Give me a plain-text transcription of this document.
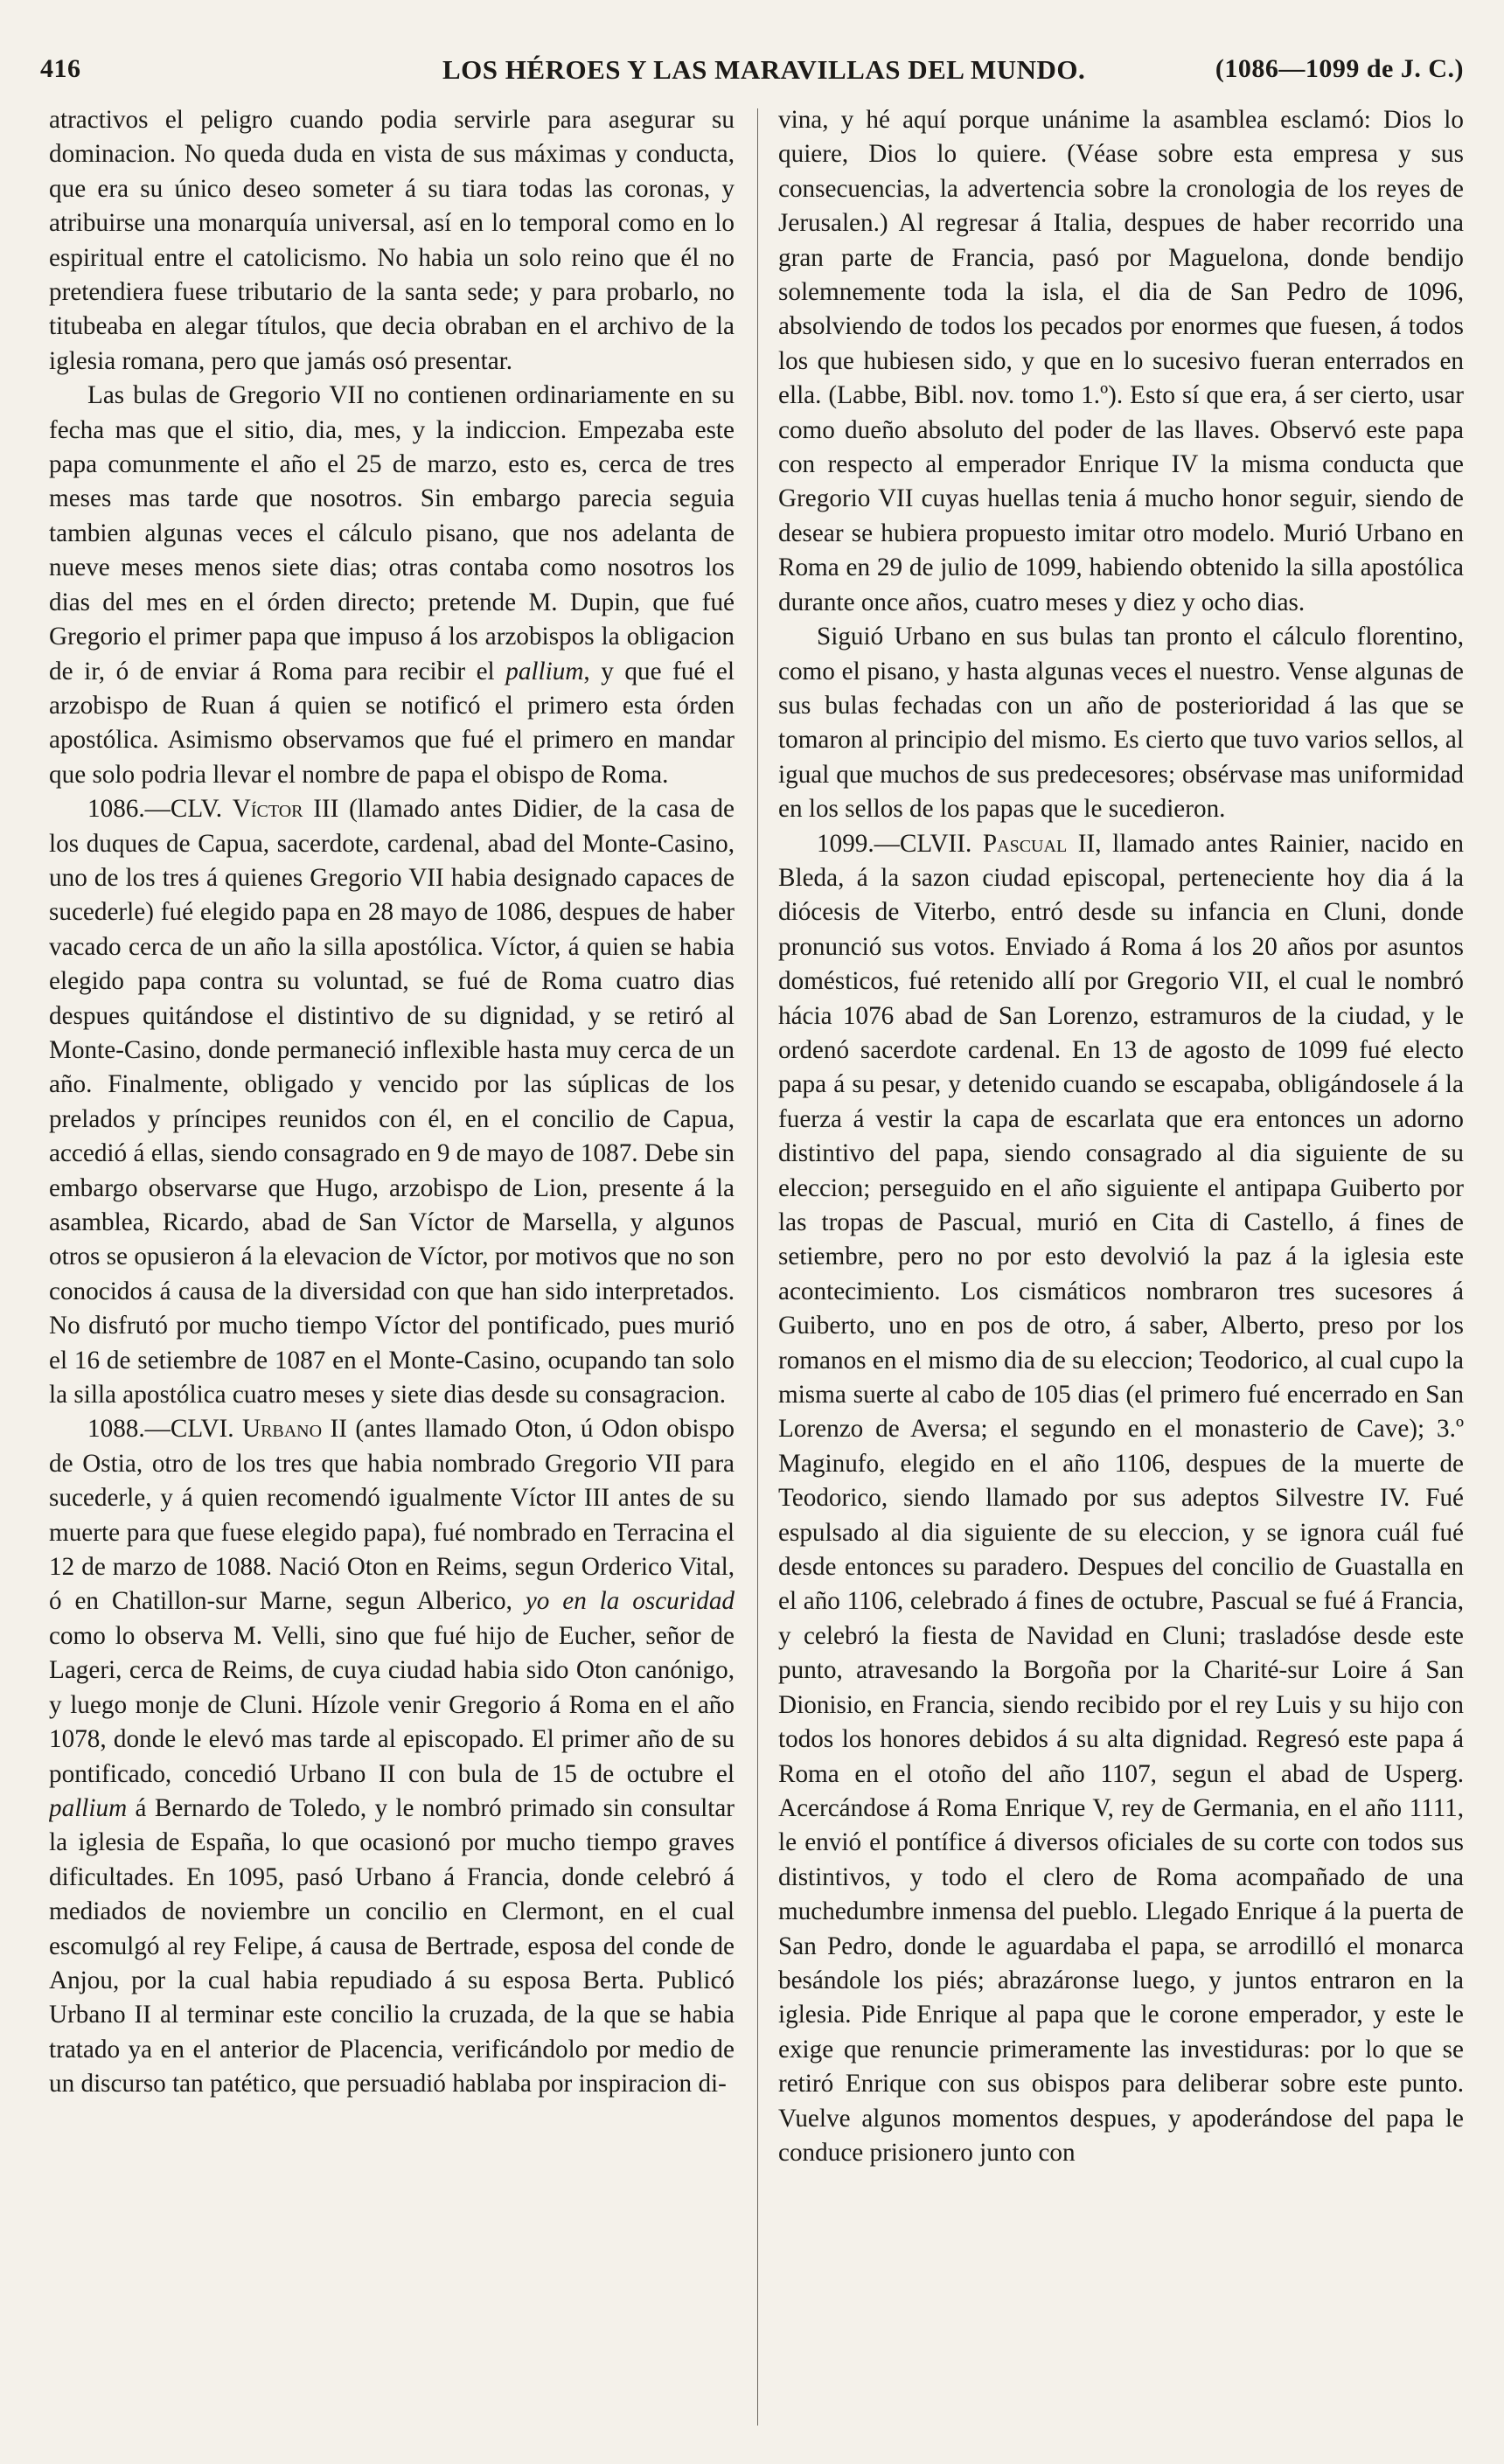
416	LOS HÉROES Y LAS MARAVILLAS DEL MUNDO.	(1086—1099 de J. C.)

atractivos el peligro cuando podia servirle para asegurar su dominacion. No queda duda en vista de sus máximas y conducta, que era su único deseo someter á su tiara todas las coronas, y atribuirse una monarquía universal, así en lo temporal como en lo espiritual entre el catolicismo. No habia un solo reino que él no pretendiera fuese tributario de la santa sede; y para probarlo, no titubeaba en alegar títulos, que decia obraban en el archivo de la iglesia romana, pero que jamás osó presentar.

Las bulas de Gregorio VII no contienen ordinariamente en su fecha mas que el sitio, dia, mes, y la indiccion. Empezaba este papa comunmente el año el 25 de marzo, esto es, cerca de tres meses mas tarde que nosotros. Sin embargo parecia seguia tambien algunas veces el cálculo pisano, que nos adelanta de nueve meses menos siete dias; otras contaba como nosotros los dias del mes en el órden directo; pretende M. Dupin, que fué Gregorio el primer papa que impuso á los arzobispos la obligacion de ir, ó de enviar á Roma para recibir el pallium, y que fué el arzobispo de Ruan á quien se notificó el primero esta órden apostólica. Asimismo observamos que fué el primero en mandar que solo podria llevar el nombre de papa el obispo de Roma.

1086.—CLV. Víctor III (llamado antes Didier, de la casa de los duques de Capua, sacerdote, cardenal, abad del Monte-Casino, uno de los tres á quienes Gregorio VII habia designado capaces de sucederle) fué elegido papa en 28 mayo de 1086, despues de haber vacado cerca de un año la silla apostólica. Víctor, á quien se habia elegido papa contra su voluntad, se fué de Roma cuatro dias despues quitándose el distintivo de su dignidad, y se retiró al Monte-Casino, donde permaneció inflexible hasta muy cerca de un año. Finalmente, obligado y vencido por las súplicas de los prelados y príncipes reunidos con él, en el concilio de Capua, accedió á ellas, siendo consagrado en 9 de mayo de 1087. Debe sin embargo observarse que Hugo, arzobispo de Lion, presente á la asamblea, Ricardo, abad de San Víctor de Marsella, y algunos otros se opusieron á la elevacion de Víctor, por motivos que no son conocidos á causa de la diversidad con que han sido interpretados. No disfrutó por mucho tiempo Víctor del pontificado, pues murió el 16 de setiembre de 1087 en el Monte-Casino, ocupando tan solo la silla apostólica cuatro meses y siete dias desde su consagracion.

1088.—CLVI. Urbano II (antes llamado Oton, ú Odon obispo de Ostia, otro de los tres que habia nombrado Gregorio VII para sucederle, y á quien recomendó igualmente Víctor III antes de su muerte para que fuese elegido papa), fué nombrado en Terracina el 12 de marzo de 1088. Nació Oton en Reims, segun Orderico Vital, ó en Chatillon-sur Marne, segun Alberico, yo en la oscuridad como lo observa M. Velli, sino que fué hijo de Eucher, señor de Lageri, cerca de Reims, de cuya ciudad habia sido Oton canónigo, y luego monje de Cluni. Hízole venir Gregorio á Roma en el año 1078, donde le elevó mas tarde al episcopado. El primer año de su pontificado, concedió Urbano II con bula de 15 de octubre el pallium á Bernardo de Toledo, y le nombró primado sin consultar la iglesia de España, lo que ocasionó por mucho tiempo graves dificultades. En 1095, pasó Urbano á Francia, donde celebró á mediados de noviembre un concilio en Clermont, en el cual escomulgó al rey Felipe, á causa de Bertrade, esposa del conde de Anjou, por la cual habia repudiado á su esposa Berta. Publicó Urbano II al terminar este concilio la cruzada, de la que se habia tratado ya en el anterior de Placencia, verificándolo por medio de un discurso tan patético, que persuadió hablaba por inspiracion di-

vina, y hé aquí porque unánime la asamblea esclamó: Dios lo quiere, Dios lo quiere. (Véase sobre esta empresa y sus consecuencias, la advertencia sobre la cronologia de los reyes de Jerusalen.) Al regresar á Italia, despues de haber recorrido una gran parte de Francia, pasó por Maguelona, donde bendijo solemnemente toda la isla, el dia de San Pedro de 1096, absolviendo de todos los pecados por enormes que fuesen, á todos los que hubiesen sido, y que en lo sucesivo fueran enterrados en ella. (Labbe, Bibl. nov. tomo 1.º). Esto sí que era, á ser cierto, usar como dueño absoluto del poder de las llaves. Observó este papa con respecto al emperador Enrique IV la misma conducta que Gregorio VII cuyas huellas tenia á mucho honor seguir, siendo de desear se hubiera propuesto imitar otro modelo. Murió Urbano en Roma en 29 de julio de 1099, habiendo obtenido la silla apostólica durante once años, cuatro meses y diez y ocho dias.

Siguió Urbano en sus bulas tan pronto el cálculo florentino, como el pisano, y hasta algunas veces el nuestro. Vense algunas de sus bulas fechadas con un año de posterioridad á las que se tomaron al principio del mismo. Es cierto que tuvo varios sellos, al igual que muchos de sus predecesores; obsérvase mas uniformidad en los sellos de los papas que le sucedieron.

1099.—CLVII. Pascual II, llamado antes Rainier, nacido en Bleda, á la sazon ciudad episcopal, perteneciente hoy dia á la diócesis de Viterbo, entró desde su infancia en Cluni, donde pronunció sus votos. Enviado á Roma á los 20 años por asuntos domésticos, fué retenido allí por Gregorio VII, el cual le nombró hácia 1076 abad de San Lorenzo, estramuros de la ciudad, y le ordenó sacerdote cardenal. En 13 de agosto de 1099 fué electo papa á su pesar, y detenido cuando se escapaba, obligándosele á la fuerza á vestir la capa de escarlata que era entonces un adorno distintivo del papa, siendo consagrado al dia siguiente de su eleccion; perseguido en el año siguiente el antipapa Guiberto por las tropas de Pascual, murió en Cita di Castello, á fines de setiembre, pero no por esto devolvió la paz á la iglesia este acontecimiento. Los cismáticos nombraron tres sucesores á Guiberto, uno en pos de otro, á saber, Alberto, preso por los romanos en el mismo dia de su eleccion; Teodorico, al cual cupo la misma suerte al cabo de 105 dias (el primero fué encerrado en San Lorenzo de Aversa; el segundo en el monasterio de Cave); 3.º Maginufo, elegido en el año 1106, despues de la muerte de Teodorico, siendo llamado por sus adeptos Silvestre IV. Fué espulsado al dia siguiente de su eleccion, y se ignora cuál fué desde entonces su paradero. Despues del concilio de Guastalla en el año 1106, celebrado á fines de octubre, Pascual se fué á Francia, y celebró la fiesta de Navidad en Cluni; trasladóse desde este punto, atravesando la Borgoña por la Charité-sur Loire á San Dionisio, en Francia, siendo recibido por el rey Luis y su hijo con todos los honores debidos á su alta dignidad. Regresó este papa á Roma en el otoño del año 1107, segun el abad de Usperg. Acercándose á Roma Enrique V, rey de Germania, en el año 1111, le envió el pontífice á diversos oficiales de su corte con todos sus distintivos, y todo el clero de Roma acompañado de una muchedumbre inmensa del pueblo. Llegado Enrique á la puerta de San Pedro, donde le aguardaba el papa, se arrodilló el monarca besándole los piés; abrazáronse luego, y juntos entraron en la iglesia. Pide Enrique al papa que le corone emperador, y este le exige que renuncie primeramente las investiduras: por lo que se retiró Enrique con sus obispos para deliberar sobre este punto. Vuelve algunos momentos despues, y apoderándose del papa le conduce prisionero junto con
